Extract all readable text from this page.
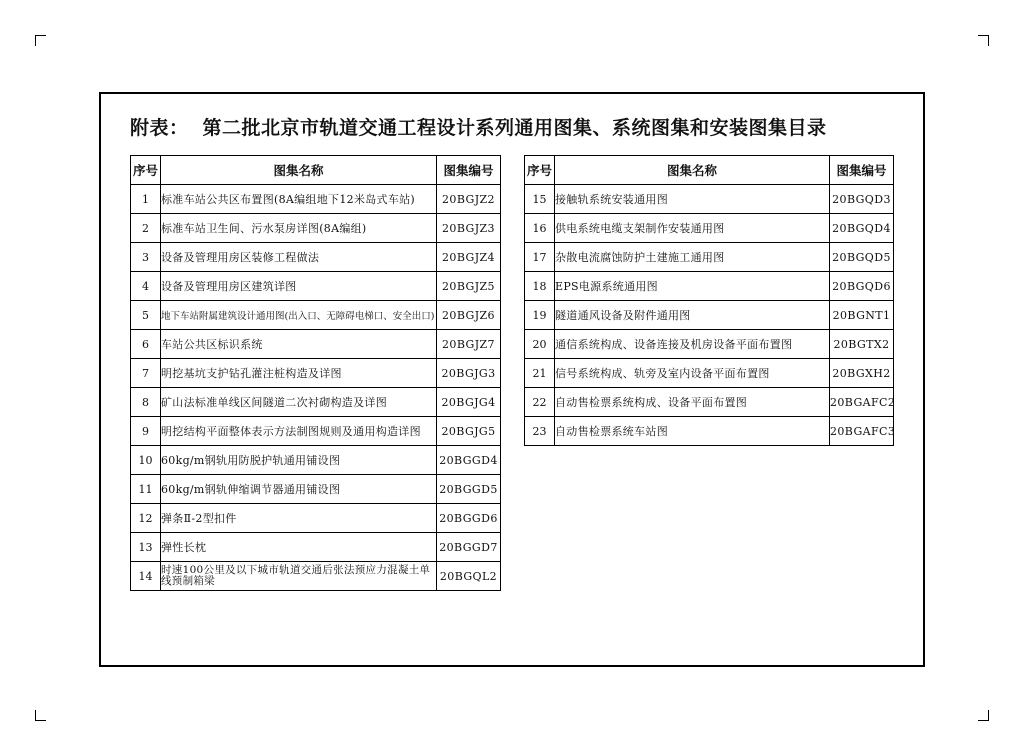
附表： 第二批北京市轨道交通工程设计系列通用图集、系统图集和安装图集目录
序号	图集名称	图集编号
1	标准车站公共区布置图(8A编组地下12米岛式车站)	20BGJZ2
2	标准车站卫生间、污水泵房详图(8A编组)	20BGJZ3
3	设备及管理用房区装修工程做法	20BGJZ4
4	设备及管理用房区建筑详图	20BGJZ5
5	地下车站附属建筑设计通用图(出入口、无障碍电梯口、安全出口)	20BGJZ6
6	车站公共区标识系统	20BGJZ7
7	明挖基坑支护钻孔灌注桩构造及详图	20BGJG3
8	矿山法标准单线区间隧道二次衬砌构造及详图	20BGJG4
9	明挖结构平面整体表示方法制图规则及通用构造详图	20BGJG5
10	60kg/m钢轨用防脱护轨通用铺设图	20BGGD4
11	60kg/m钢轨伸缩调节器通用铺设图	20BGGD5
12	弹条Ⅱ-2型扣件	20BGGD6
13	弹性长枕	20BGGD7
14	时速100公里及以下城市轨道交通后张法预应力混凝土单线预制箱梁	20BGQL2
序号	图集名称	图集编号
15	接触轨系统安装通用图	20BGQD3
16	供电系统电缆支架制作安装通用图	20BGQD4
17	杂散电流腐蚀防护土建施工通用图	20BGQD5
18	EPS电源系统通用图	20BGQD6
19	隧道通风设备及附件通用图	20BGNT1
20	通信系统构成、设备连接及机房设备平面布置图	20BGTX2
21	信号系统构成、轨旁及室内设备平面布置图	20BGXH2
22	自动售检票系统构成、设备平面布置图	20BGAFC2
23	自动售检票系统车站图	20BGAFC3
